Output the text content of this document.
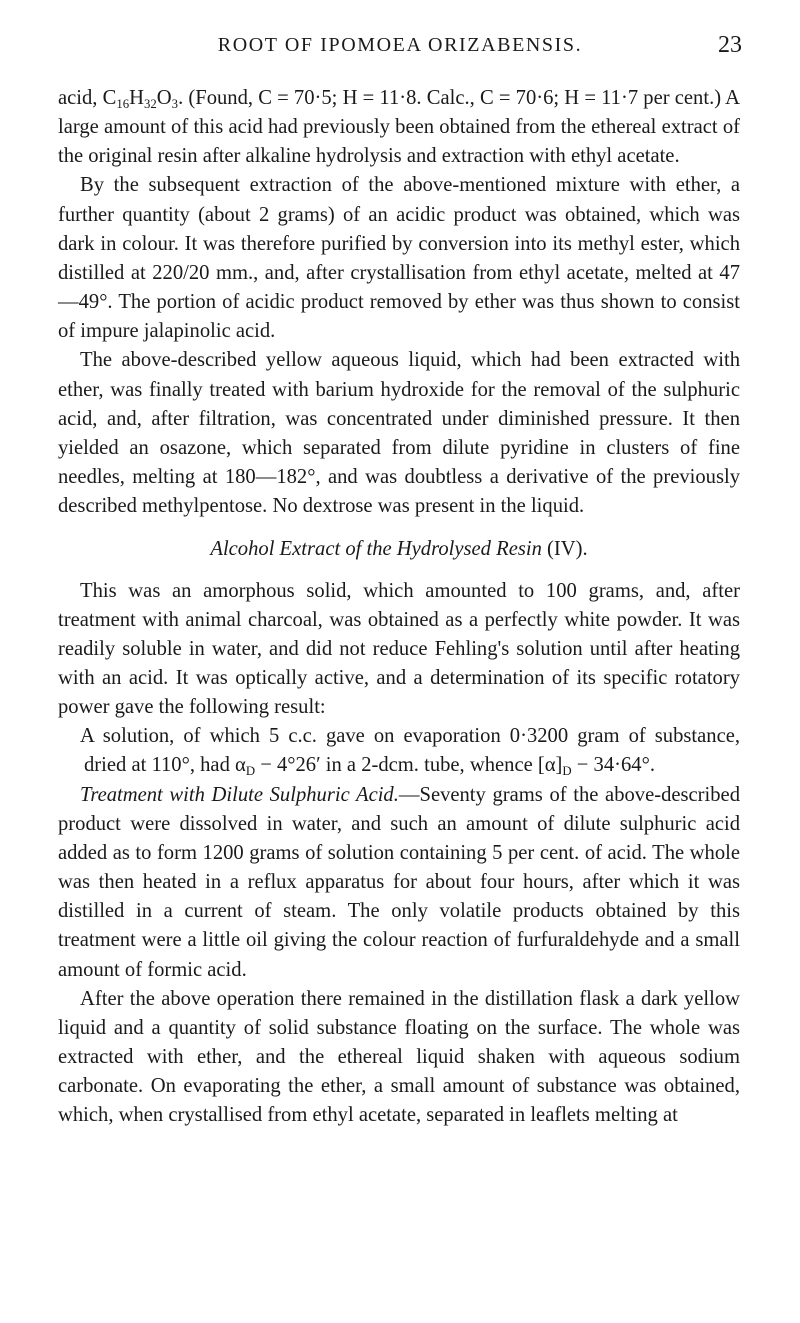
ROOT OF IPOMOEA ORIZABENSIS.	23

acid, $C_{16}H_{32}O_3$. (Found, C = 70·5; H = 11·8. Calc., C = 70·6; H = 11·7 per cent.) A large amount of this acid had previously been obtained from the ethereal extract of the original resin after alkaline hydrolysis and extraction with ethyl acetate.

By the subsequent extraction of the above-mentioned mixture with ether, a further quantity (about 2 grams) of an acidic product was obtained, which was dark in colour. It was therefore purified by conversion into its methyl ester, which distilled at 220/20 mm., and, after crystallisation from ethyl acetate, melted at 47—49°. The portion of acidic product removed by ether was thus shown to consist of impure jalapinolic acid.

The above-described yellow aqueous liquid, which had been extracted with ether, was finally treated with barium hydroxide for the removal of the sulphuric acid, and, after filtration, was concentrated under diminished pressure. It then yielded an osazone, which separated from dilute pyridine in clusters of fine needles, melting at 180—182°, and was doubtless a derivative of the previously described methylpentose. No dextrose was present in the liquid.

Alcohol Extract of the Hydrolysed Resin (IV).

This was an amorphous solid, which amounted to 100 grams, and, after treatment with animal charcoal, was obtained as a perfectly white powder. It was readily soluble in water, and did not reduce Fehling's solution until after heating with an acid. It was optically active, and a determination of its specific rotatory power gave the following result:

A solution, of which 5 c.c. gave on evaporation 0·3200 gram of substance, dried at 110°, had $\alpha_D - 4^\circ 26'$ in a 2-dcm. tube, whence $[\alpha]_D - 34\cdot 64^\circ$.

Treatment with Dilute Sulphuric Acid.—Seventy grams of the above-described product were dissolved in water, and such an amount of dilute sulphuric acid added as to form 1200 grams of solution containing 5 per cent. of acid. The whole was then heated in a reflux apparatus for about four hours, after which it was distilled in a current of steam. The only volatile products obtained by this treatment were a little oil giving the colour reaction of furfuraldehyde and a small amount of formic acid.

After the above operation there remained in the distillation flask a dark yellow liquid and a quantity of solid substance floating on the surface. The whole was extracted with ether, and the ethereal liquid shaken with aqueous sodium carbonate. On evaporating the ether, a small amount of substance was obtained, which, when crystallised from ethyl acetate, separated in leaflets melting at
